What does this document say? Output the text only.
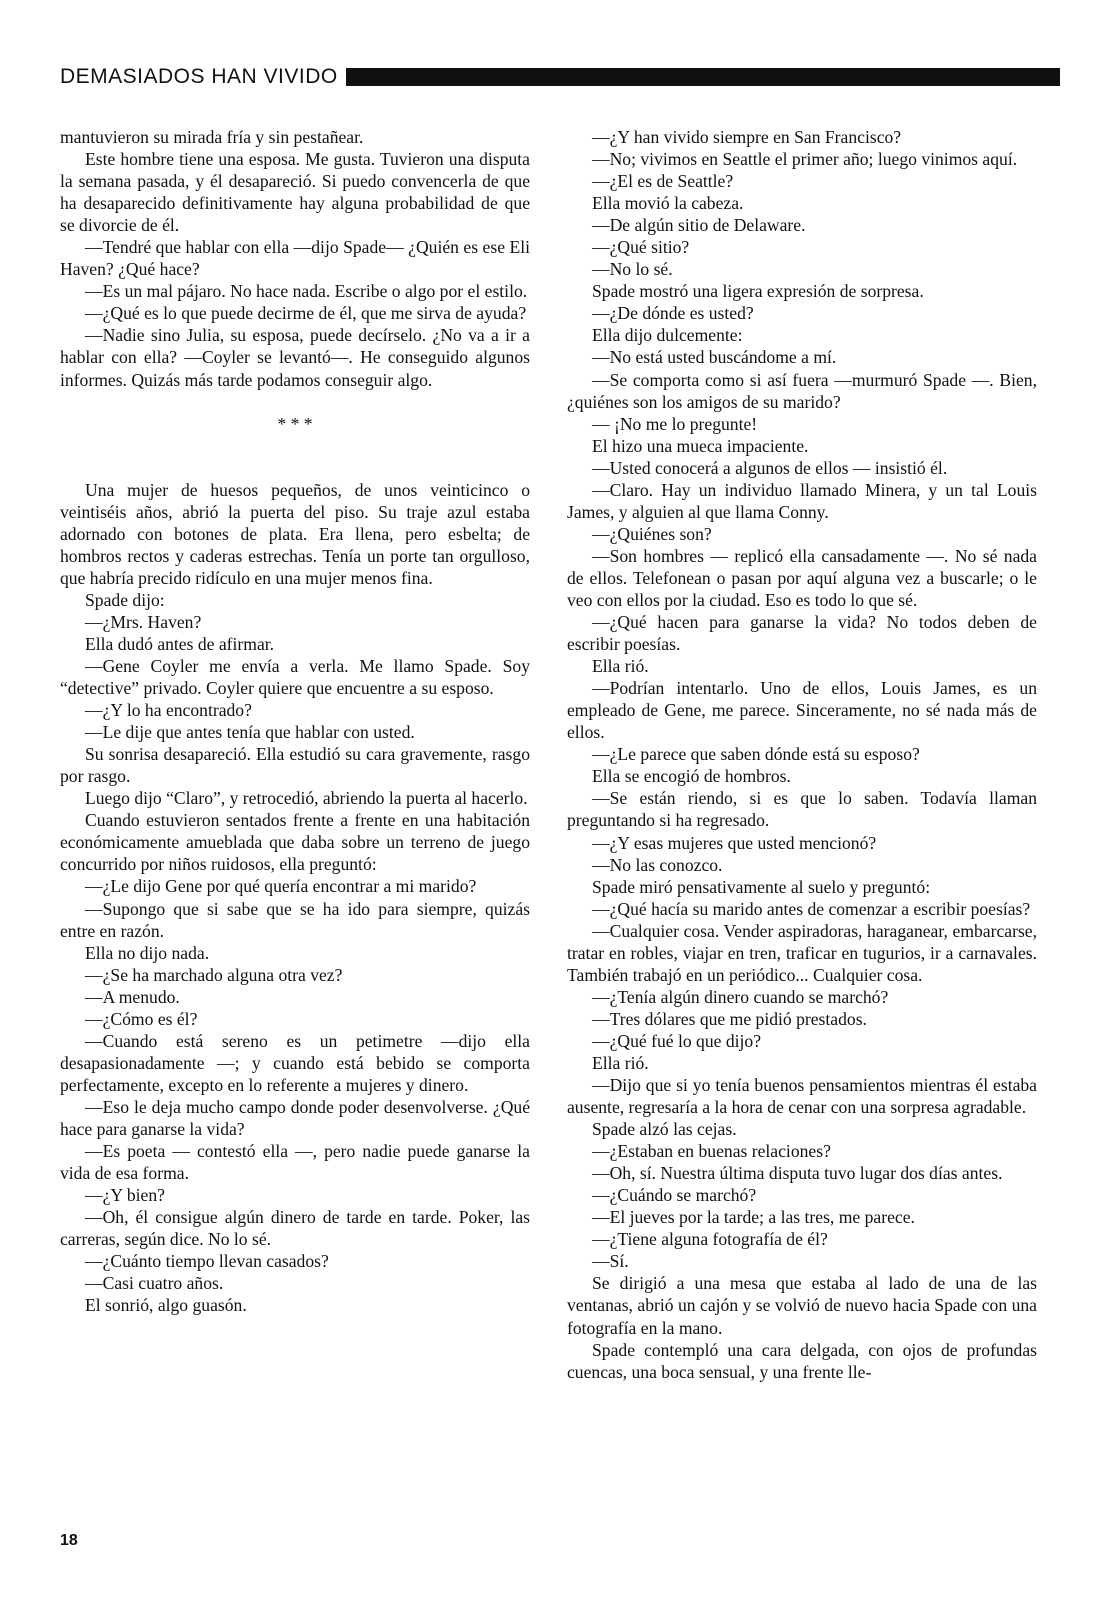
DEMASIADOS HAN VIVIDO

mantuvieron su mirada fría y sin pestañear.

Este hombre tiene una esposa. Me gusta. Tuvieron una disputa la semana pasada, y él desapareció. Si puedo convencerla de que ha desaparecido definitivamente hay alguna probabilidad de que se divorcie de él.

—Tendré que hablar con ella —dijo Spade— ¿Quién es ese Eli Haven? ¿Qué hace?

—Es un mal pájaro. No hace nada. Escribe o algo por el estilo.

—¿Qué es lo que puede decirme de él, que me sirva de ayuda?

—Nadie sino Julia, su esposa, puede decírselo. ¿No va a ir a hablar con ella? —Coyler se levantó—. He conseguido algunos informes. Quizás más tarde podamos conseguir algo.

* * *

Una mujer de huesos pequeños, de unos veinticinco o veintiséis años, abrió la puerta del piso. Su traje azul estaba adornado con botones de plata. Era llena, pero esbelta; de hombros rectos y caderas estrechas. Tenía un porte tan orgulloso, que habría precido ridículo en una mujer menos fina.

Spade dijo:

—¿Mrs. Haven?

Ella dudó antes de afirmar.

—Gene Coyler me envía a verla. Me llamo Spade. Soy “detective” privado. Coyler quiere que encuentre a su esposo.

—¿Y lo ha encontrado?

—Le dije que antes tenía que hablar con usted.

Su sonrisa desapareció. Ella estudió su cara gravemente, rasgo por rasgo.

Luego dijo “Claro”, y retrocedió, abriendo la puerta al hacerlo.

Cuando estuvieron sentados frente a frente en una habitación económicamente amueblada que daba sobre un terreno de juego concurrido por niños ruidosos, ella preguntó:

—¿Le dijo Gene por qué quería encontrar a mi marido?

—Supongo que si sabe que se ha ido para siempre, quizás entre en razón.

Ella no dijo nada.

—¿Se ha marchado alguna otra vez?

—A menudo.

—¿Cómo es él?

—Cuando está sereno es un petimetre —dijo ella desapasionadamente —; y cuando está bebido se comporta perfectamente, excepto en lo referente a mujeres y dinero.

—Eso le deja mucho campo donde poder desenvolverse. ¿Qué hace para ganarse la vida?

—Es poeta — contestó ella —, pero nadie puede ganarse la vida de esa forma.

—¿Y bien?

—Oh, él consigue algún dinero de tarde en tarde. Poker, las carreras, según dice. No lo sé.

—¿Cuánto tiempo llevan casados?

—Casi cuatro años.

El sonrió, algo guasón.

—¿Y han vivido siempre en San Francisco?

—No; vivimos en Seattle el primer año; luego vinimos aquí.

—¿El es de Seattle?

Ella movió la cabeza.

—De algún sitio de Delaware.

—¿Qué sitio?

—No lo sé.

Spade mostró una ligera expresión de sorpresa.

—¿De dónde es usted?

Ella dijo dulcemente:

—No está usted buscándome a mí.

—Se comporta como si así fuera —murmuró Spade —. Bien, ¿quiénes son los amigos de su marido?

— ¡No me lo pregunte!

El hizo una mueca impaciente.

—Usted conocerá a algunos de ellos — insistió él.

—Claro. Hay un individuo llamado Minera, y un tal Louis James, y alguien al que llama Conny.

—¿Quiénes son?

—Son hombres — replicó ella cansadamente —. No sé nada de ellos. Telefonean o pasan por aquí alguna vez a buscarle; o le veo con ellos por la ciudad. Eso es todo lo que sé.

—¿Qué hacen para ganarse la vida? No todos deben de escribir poesías.

Ella rió.

—Podrían intentarlo. Uno de ellos, Louis James, es un empleado de Gene, me parece. Sinceramente, no sé nada más de ellos.

—¿Le parece que saben dónde está su esposo?

Ella se encogió de hombros.

—Se están riendo, si es que lo saben. Todavía llaman preguntando si ha regresado.

—¿Y esas mujeres que usted mencionó?

—No las conozco.

Spade miró pensativamente al suelo y preguntó:

—¿Qué hacía su marido antes de comenzar a escribir poesías?

—Cualquier cosa. Vender aspiradoras, haraganear, embarcarse, tratar en robles, viajar en tren, traficar en tugurios, ir a carnavales. También trabajó en un periódico... Cualquier cosa.

—¿Tenía algún dinero cuando se marchó?

—Tres dólares que me pidió prestados.

—¿Qué fué lo que dijo?

Ella rió.

—Dijo que si yo tenía buenos pensamientos mientras él estaba ausente, regresaría a la hora de cenar con una sorpresa agradable.

Spade alzó las cejas.

—¿Estaban en buenas relaciones?

—Oh, sí. Nuestra última disputa tuvo lugar dos días antes.

—¿Cuándo se marchó?

—El jueves por la tarde; a las tres, me parece.

—¿Tiene alguna fotografía de él?

—Sí.

Se dirigió a una mesa que estaba al lado de una de las ventanas, abrió un cajón y se volvió de nuevo hacia Spade con una fotografía en la mano.

Spade contempló una cara delgada, con ojos de profundas cuencas, una boca sensual, y una frente lle-

18
